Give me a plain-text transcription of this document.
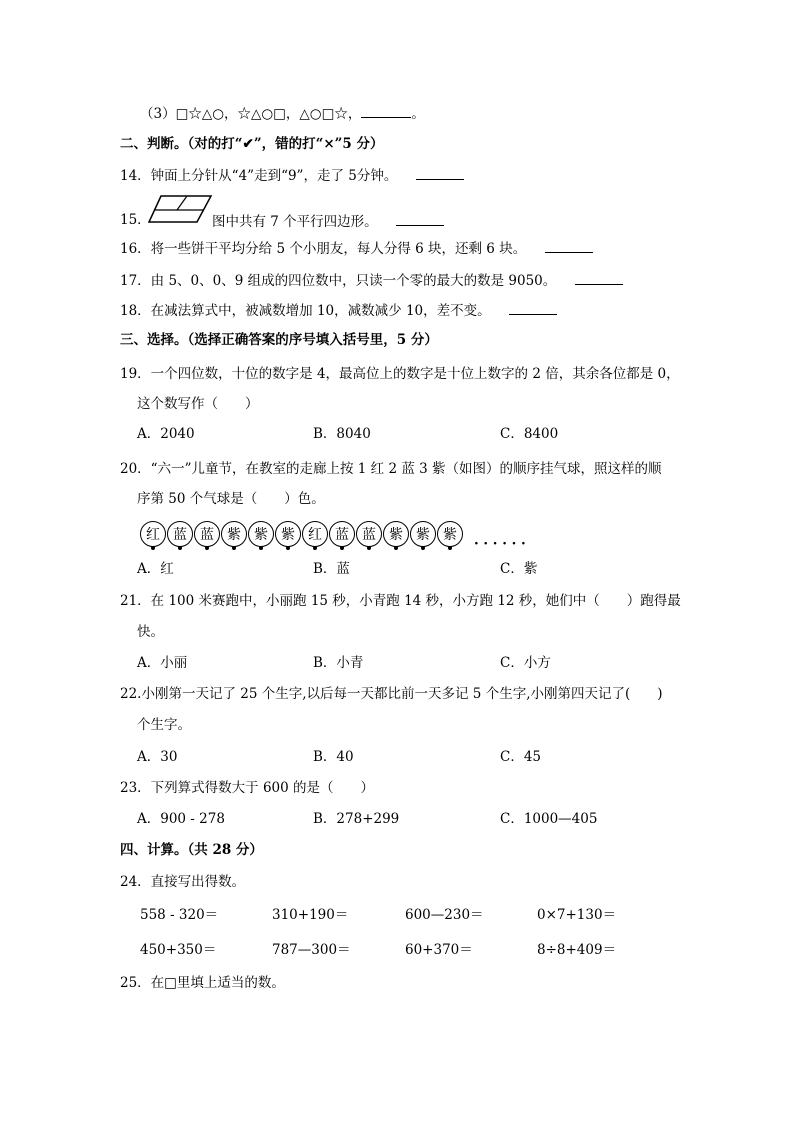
（3）□☆△○，☆△○□，△○□☆，	。
二、判断。（对的打“✔”，错的打“×”5 分）
14．钟面上分针从“4”走到“9”，走了 5分钟。
15．	图中共有 7 个平行四边形。
16．将一些饼干平均分给 5 个小朋友，每人分得 6 块，还剩 6 块。
17．由 5、0、0、9 组成的四位数中，只读一个零的最大的数是 9050。
18．在减法算式中，被减数增加 10，减数减少 10，差不变。
三、选择。（选择正确答案的序号填入括号里，5 分）
19．一个四位数，十位的数字是 4，最高位上的数字是十位上数字的 2 倍，其余各位都是 0，
这个数写作（　　）
A．2040	B．8040	C．8400
20．“六一”儿童节，在教室的走廊上按 1 红 2 蓝 3 紫（如图）的顺序挂气球，照这样的顺
序第 50 个气球是（　　）色。
红 蓝 蓝 紫 紫 紫 红 蓝 蓝 紫 紫 紫
· · · · · ·
A．红	B．蓝	C．紫
21．在 100 米赛跑中，小丽跑 15 秒，小青跑 14 秒，小方跑 12 秒，她们中（　　）跑得最
快。
A．小丽	B．小青	C．小方
22.小刚第一天记了 25 个生字,以后每一天都比前一天多记 5 个生字,小刚第四天记了(　　)
个生字。
A．30	B．40	C．45
23．下列算式得数大于 600 的是（　　）
A．900 - 278	B．278+299	C．1000—405
四、计算。（共 28 分）
24．直接写出得数。
558 - 320＝	310+190＝	600—230＝	0×7+130＝
450+350＝	787—300＝	60+370＝	8÷8+409＝
25．在□里填上适当的数。
